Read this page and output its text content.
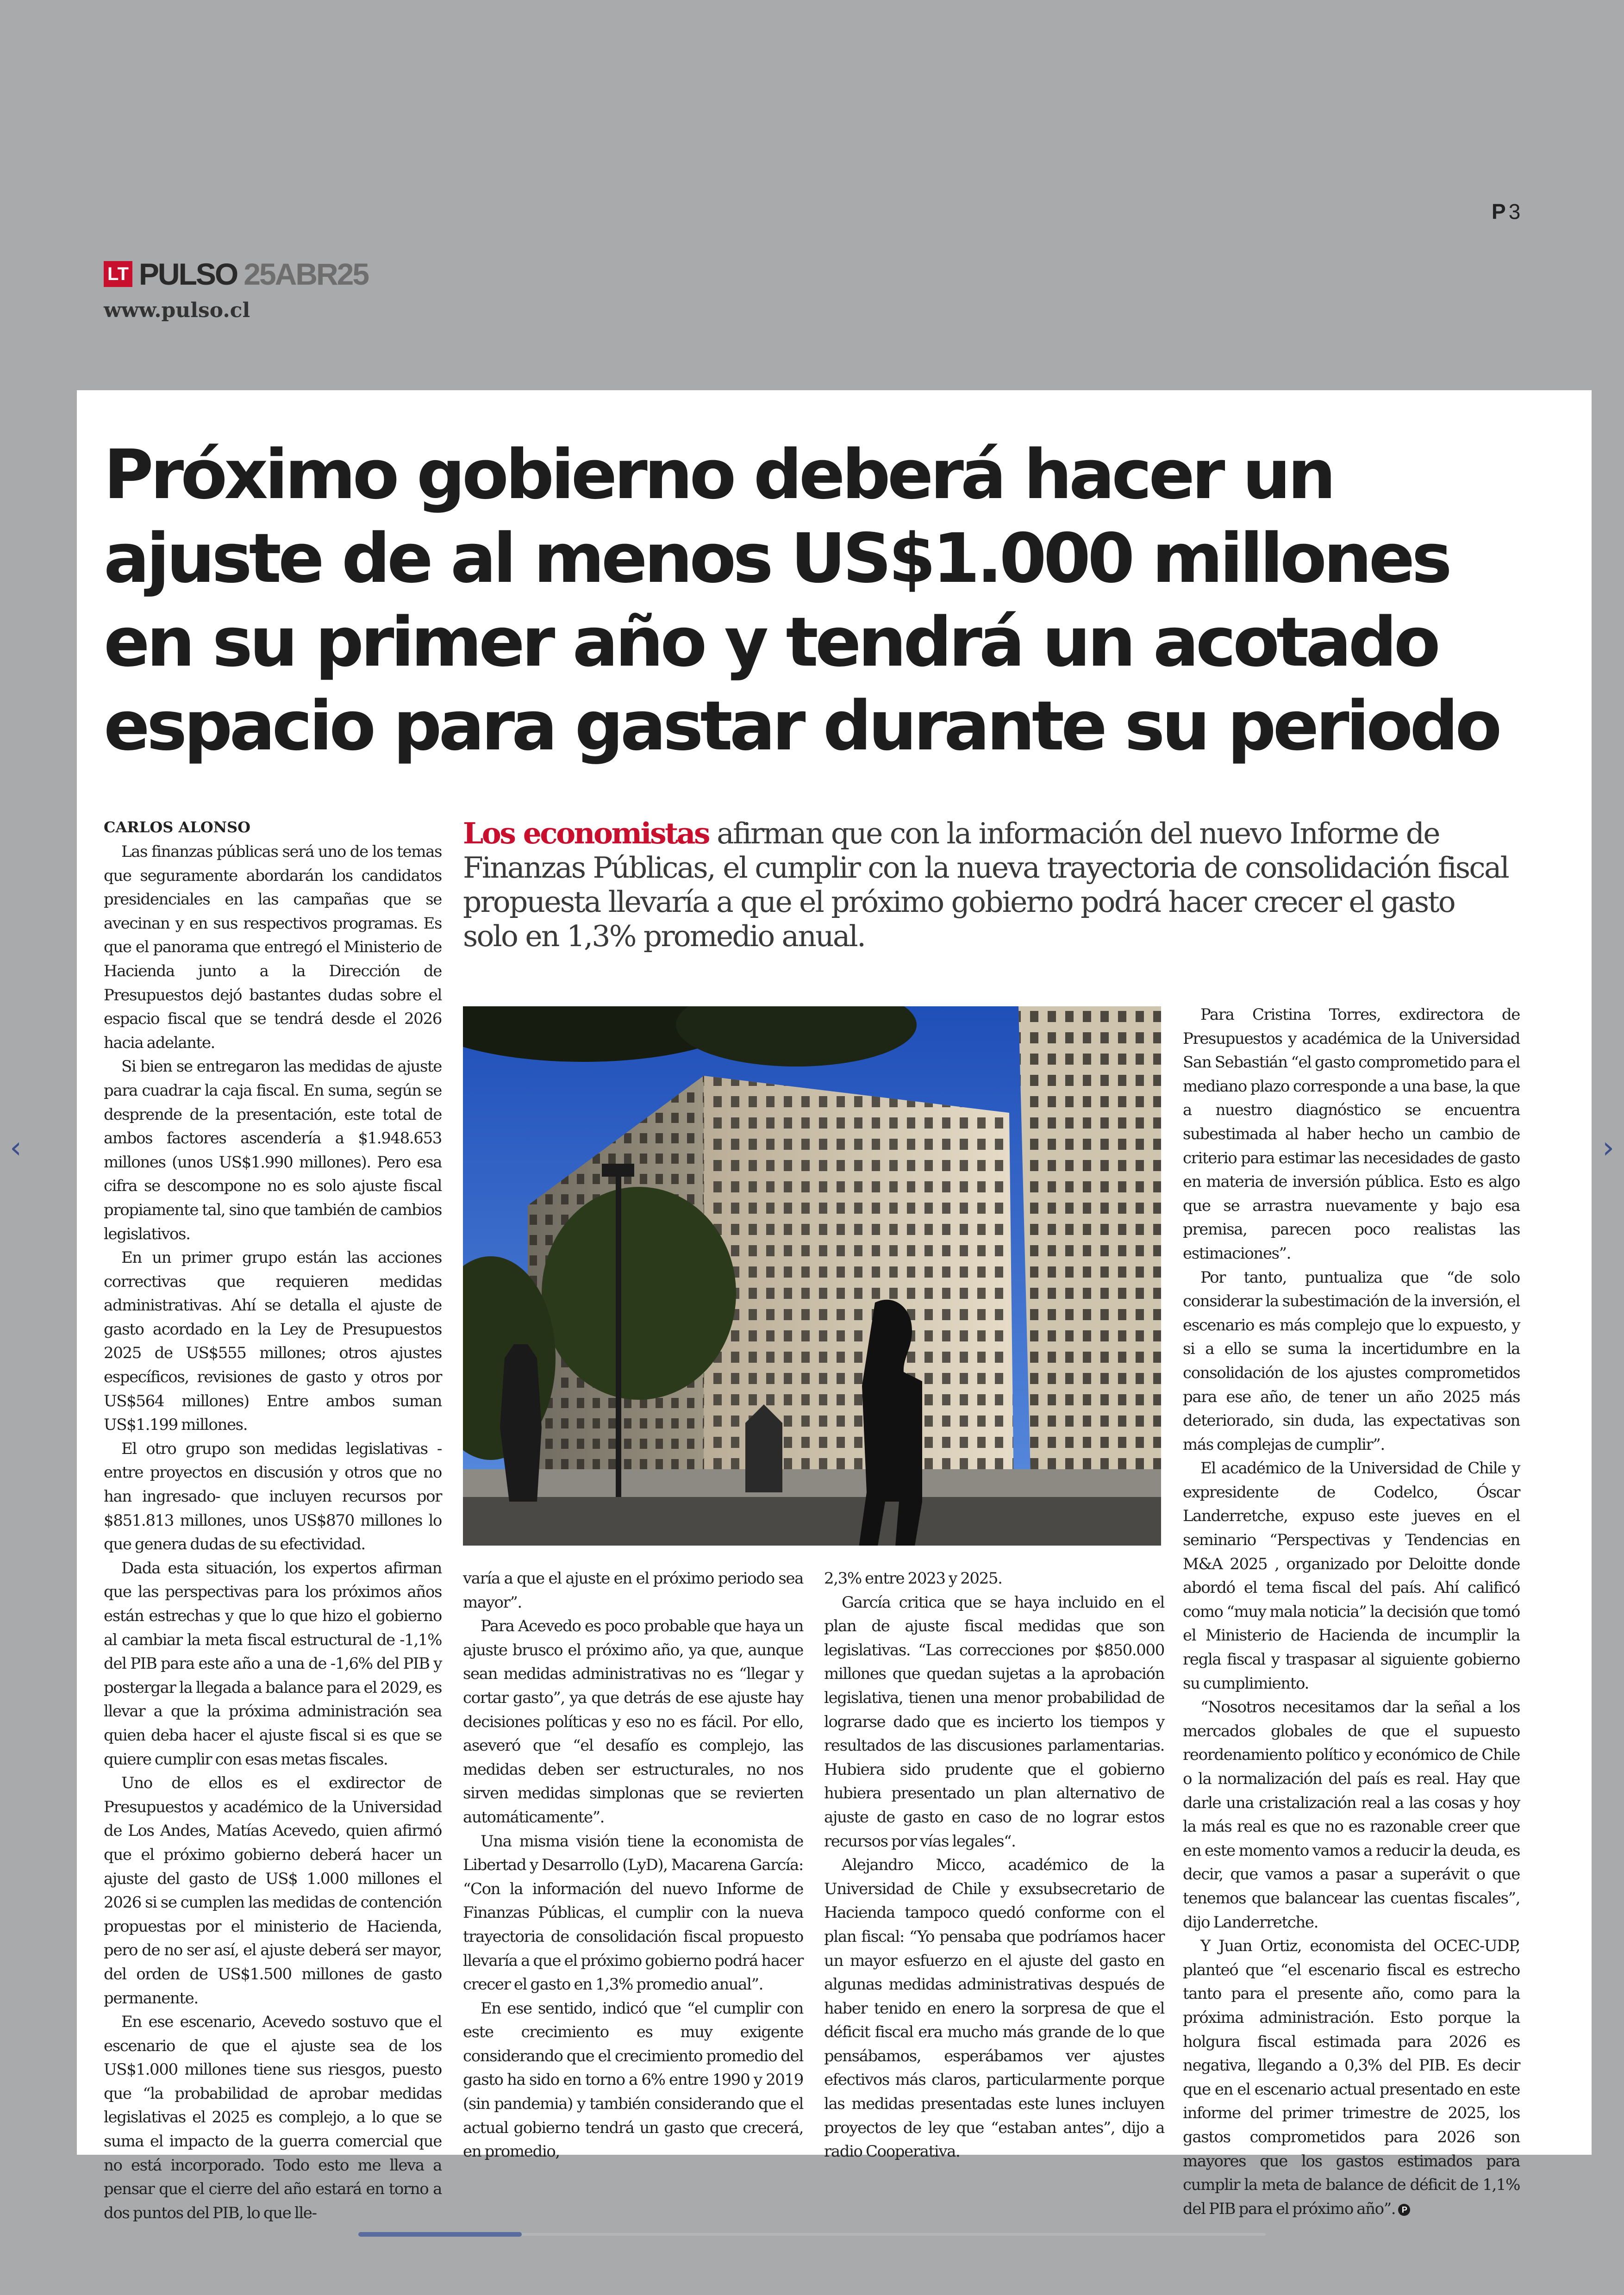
P 3
LT PULSO 25ABR25
www.pulso.cl
‹	›
Próximo gobierno deberá hacer un ajuste de al menos US$1.000 millones en su primer año y tendrá un acotado espacio para gastar durante su periodo
CARLOS ALONSO	Los economistas afirman que con la información del nuevo Informe de Finanzas Públicas, el cumplir con la nueva trayectoria de consolidación fiscal propuesta llevaría a que el próximo gobierno podrá hacer crecer el gasto solo en 1,3% promedio anual.

Las finanzas públicas será uno de los temas que seguramente abordarán los candidatos presidenciales en las campañas que se avecinan y en sus respectivos programas. Es que el panorama que entregó el Ministerio de Hacienda junto a la Dirección de Presupuestos dejó bastantes dudas sobre el espacio fiscal que se tendrá desde el 2026 hacia adelante.

Si bien se entregaron las medidas de ajuste para cuadrar la caja fiscal. En suma, según se desprende de la presentación, este total de ambos factores ascendería a $1.948.653 millones (unos US$1.990 millones). Pero esa cifra se descompone no es solo ajuste fiscal propiamente tal, sino que también de cambios legislativos.

En un primer grupo están las acciones correctivas que requieren medidas administrativas. Ahí se detalla el ajuste de gasto acordado en la Ley de Presupuestos 2025 de US$555 millones; otros ajustes específicos, revisiones de gasto y otros por US$564 millones) Entre ambos suman US$1.199 millones.

El otro grupo son medidas legislativas -entre proyectos en discusión y otros que no han ingresado- que incluyen recursos por $851.813 millones, unos US$870 millones lo que genera dudas de su efectividad.

Dada esta situación, los expertos afirman que las perspectivas para los próximos años están estrechas y que lo que hizo el gobierno al cambiar la meta fiscal estructural de -1,1% del PIB para este año a una de -1,6% del PIB y postergar la llegada a balance para el 2029, es llevar a que la próxima administración sea quien deba hacer el ajuste fiscal si es que se quiere cumplir con esas metas fiscales.

Uno de ellos es el exdirector de Presupuestos y académico de la Universidad de Los Andes, Matías Acevedo, quien afirmó que el próximo gobierno deberá hacer un ajuste del gasto de US$ 1.000 millones el 2026 si se cumplen las medidas de contención propuestas por el ministerio de Hacienda, pero de no ser así, el ajuste deberá ser mayor, del orden de US$1.500 millones de gasto permanente.

En ese escenario, Acevedo sostuvo que el escenario de que el ajuste sea de los US$1.000 millones tiene sus riesgos, puesto que “la probabilidad de aprobar medidas legislativas el 2025 es complejo, a lo que se suma el impacto de la guerra comercial que no está incorporado. Todo esto me lleva a pensar que el cierre del año estará en torno a dos puntos del PIB, lo que lle-

varía a que el ajuste en el próximo periodo sea mayor”.

Para Acevedo es poco probable que haya un ajuste brusco el próximo año, ya que, aunque sean medidas administrativas no es “llegar y cortar gasto”, ya que detrás de ese ajuste hay decisiones políticas y eso no es fácil. Por ello, aseveró que “el desafío es complejo, las medidas deben ser estructurales, no nos sirven medidas simplonas que se revierten automáticamente”.

Una misma visión tiene la economista de Libertad y Desarrollo (LyD), Macarena García: “Con la información del nuevo Informe de Finanzas Públicas, el cumplir con la nueva trayectoria de consolidación fiscal propuesto llevaría a que el próximo gobierno podrá hacer crecer el gasto en 1,3% promedio anual”.

En ese sentido, indicó que “el cumplir con este crecimiento es muy exigente considerando que el crecimiento promedio del gasto ha sido en torno a 6% entre 1990 y 2019 (sin pandemia) y también considerando que el actual gobierno tendrá un gasto que crecerá, en promedio,

2,3% entre 2023 y 2025.

García critica que se haya incluido en el plan de ajuste fiscal medidas que son legislativas. “Las correcciones por $850.000 millones que quedan sujetas a la aprobación legislativa, tienen una menor probabilidad de lograrse dado que es incierto los tiempos y resultados de las discusiones parlamentarias. Hubiera sido prudente que el gobierno hubiera presentado un plan alternativo de ajuste de gasto en caso de no lograr estos recursos por vías legales“.

Alejandro Micco, académico de la Universidad de Chile y exsubsecretario de Hacienda tampoco quedó conforme con el plan fiscal: “Yo pensaba que podríamos hacer un mayor esfuerzo en el ajuste del gasto en algunas medidas administrativas después de haber tenido en enero la sorpresa de que el déficit fiscal era mucho más grande de lo que pensábamos, esperábamos ver ajustes efectivos más claros, particularmente porque las medidas presentadas este lunes incluyen proyectos de ley que “estaban antes”, dijo a radio Cooperativa.

Para Cristina Torres, exdirectora de Presupuestos y académica de la Universidad San Sebastián “el gasto comprometido para el mediano plazo corresponde a una base, la que a nuestro diagnóstico se encuentra subestimada al haber hecho un cambio de criterio para estimar las necesidades de gasto en materia de inversión pública. Esto es algo que se arrastra nuevamente y bajo esa premisa, parecen poco realistas las estimaciones”.

Por tanto, puntualiza que “de solo considerar la subestimación de la inversión, el escenario es más complejo que lo expuesto, y si a ello se suma la incertidumbre en la consolidación de los ajustes comprometidos para ese año, de tener un año 2025 más deteriorado, sin duda, las expectativas son más complejas de cumplir”.

El académico de la Universidad de Chile y expresidente de Codelco, Óscar Landerretche, expuso este jueves en el seminario “Perspectivas y Tendencias en M&A 2025 , organizado por Deloitte donde abordó el tema fiscal del país. Ahí calificó como “muy mala noticia” la decisión que tomó el Ministerio de Hacienda de incumplir la regla fiscal y traspasar al siguiente gobierno su cumplimiento.

“Nosotros necesitamos dar la señal a los mercados globales de que el supuesto reordenamiento político y económico de Chile o la normalización del país es real. Hay que darle una cristalización real a las cosas y hoy la más real es que no es razonable creer que en este momento vamos a reducir la deuda, es decir, que vamos a pasar a superávit o que tenemos que balancear las cuentas fiscales”, dijo Landerretche.

Y Juan Ortiz, economista del OCEC-UDP, planteó que “el escenario fiscal es estrecho tanto para el presente año, como para la próxima administración. Esto porque la holgura fiscal estimada para 2026 es negativa, llegando a 0,3% del PIB. Es decir que en el escenario actual presentado en este informe del primer trimestre de 2025, los gastos comprometidos para 2026 son mayores que los gastos estimados para cumplir la meta de balance de déficit de 1,1% del PIB para el próximo año”. P
